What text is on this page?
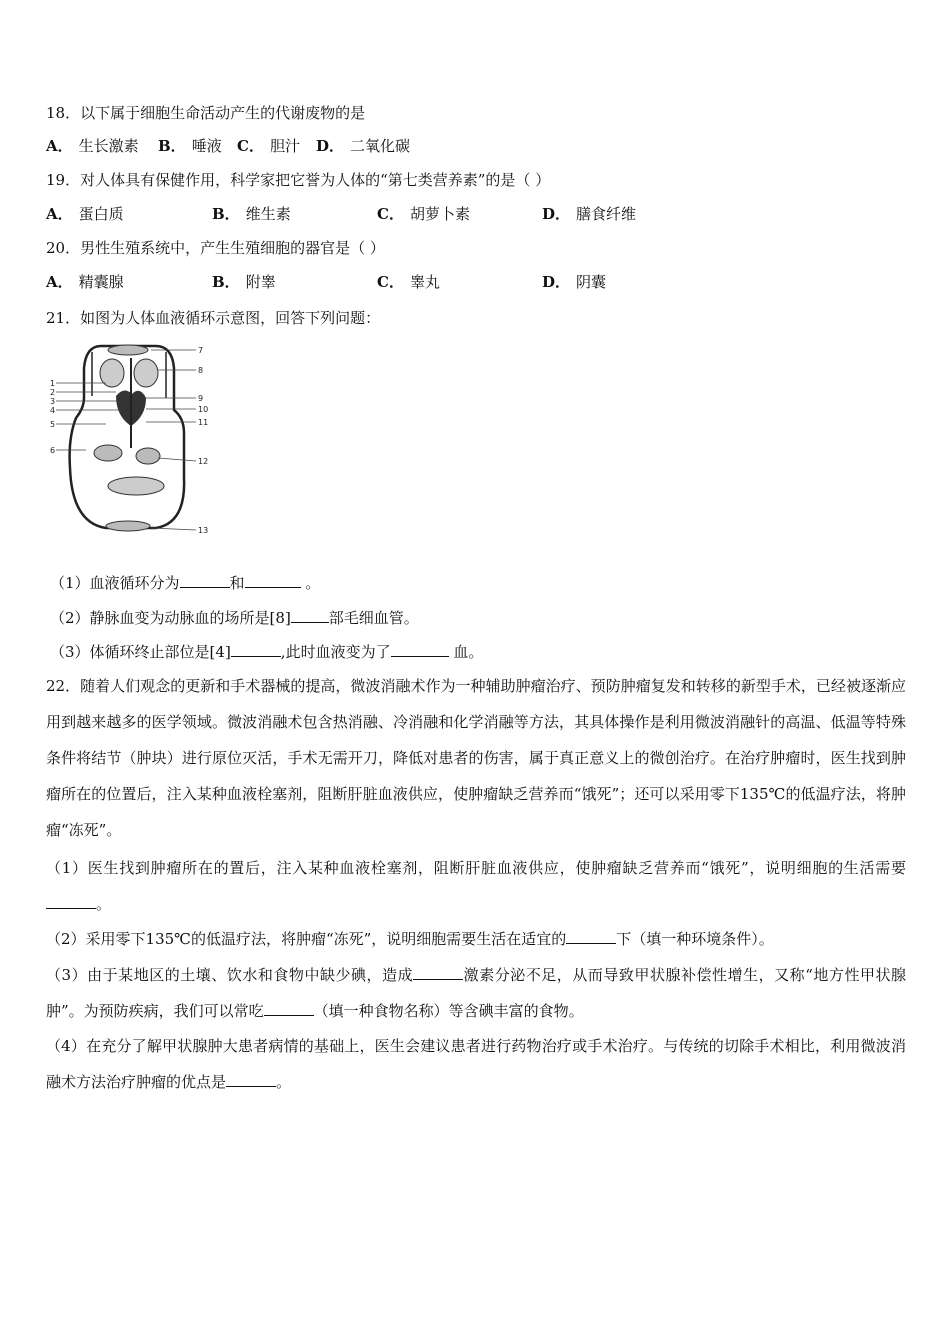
18．以下属于细胞生命活动产生的代谢废物的是
A． 生长激素 B． 唾液 C． 胆汁 D． 二氧化碳
19．对人体具有保健作用，科学家把它誉为人体的“第七类营养素”的是（ ）
A． 蛋白质	B． 维生素	C． 胡萝卜素	D． 膳食纤维
20．男性生殖系统中，产生生殖细胞的器官是（ ）
A． 精囊腺	B． 附睾	C． 睾丸	D． 阴囊
21．如图为人体血液循环示意图，回答下列问题：
1
2
3
4
5
6
7
8
9
10
11
12
13
（1）血液循环分为	和	。
（2）静脉血变为动脉血的场所是[8]	部毛细血管。
（3）体循环终止部位是[4]	,此时血液变为了	血。
22．随着人们观念的更新和手术器械的提高，微波消融术作为一种辅助肿瘤治疗、预防肿瘤复发和转移的新型手术，已经被逐渐应用到越来越多的医学领域。微波消融术包含热消融、冷消融和化学消融等方法，其具体操作是利用微波消融针的高温、低温等特殊条件将结节（肿块）进行原位灭活，手术无需开刀，降低对患者的伤害，属于真正意义上的微创治疗。在治疗肿瘤时，医生找到肿瘤所在的位置后，注入某种血液栓塞剂，阻断肝脏血液供应，使肿瘤缺乏营养而“饿死”；还可以采用零下135℃的低温疗法，将肿瘤“冻死”。
（1）医生找到肿瘤所在的置后，注入某种血液栓塞剂，阻断肝脏血液供应，使肿瘤缺乏营养而“饿死”，说明细胞的生活需要。
（2）采用零下135℃的低温疗法，将肿瘤“冻死”，说明细胞需要生活在适宜的	下（填一种环境条件）。
（3）由于某地区的土壤、饮水和食物中缺少碘，造成	激素分泌不足，从而导致甲状腺补偿性增生，又称“地方性甲状腺肿”。为预防疾病，我们可以常吃	（填一种食物名称）等含碘丰富的食物。
（4）在充分了解甲状腺肿大患者病情的基础上，医生会建议患者进行药物治疗或手术治疗。与传统的切除手术相比，利用微波消融术方法治疗肿瘤的优点是	。
